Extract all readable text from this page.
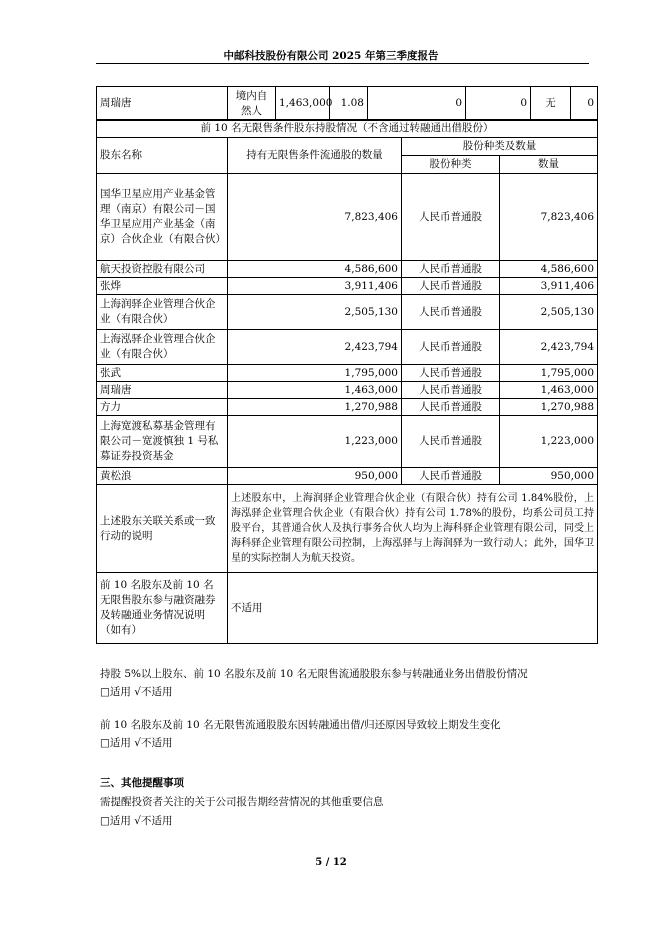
中邮科技股份有限公司 2025 年第三季度报告
周瑞唐	境内自然人	1,463,000	1.08	0	0	无	0
前 10 名无限售条件股东持股情况（不含通过转融通出借股份）			
股东名称	持有无限售条件流通股的数量	股份种类及数量	
		股份种类	数量
国华卫星应用产业基金管理（南京）有限公司－国华卫星应用产业基金（南京）合伙企业（有限合伙）	7,823,406	人民币普通股	7,823,406
航天投资控股有限公司	4,586,600	人民币普通股	4,586,600
张烨	3,911,406	人民币普通股	3,911,406
上海润驿企业管理合伙企业（有限合伙）	2,505,130	人民币普通股	2,505,130
上海泓驿企业管理合伙企业（有限合伙）	2,423,794	人民币普通股	2,423,794
张武	1,795,000	人民币普通股	1,795,000
周瑞唐	1,463,000	人民币普通股	1,463,000
方力	1,270,988	人民币普通股	1,270,988
上海宽渡私募基金管理有限公司－宽渡慎独 1 号私募证券投资基金	1,223,000	人民币普通股	1,223,000
黄松浪	950,000	人民币普通股	950,000
上述股东关联关系或一致行动的说明	上述股东中，上海润驿企业管理合伙企业（有限合伙）持有公司 1.84%股份，上海泓驿企业管理合伙企业（有限合伙）持有公司 1.78%的股份，均系公司员工持股平台，其普通合伙人及执行事务合伙人均为上海科驿企业管理有限公司，同受上海科驿企业管理有限公司控制，上海泓驿与上海润驿为一致行动人；此外，国华卫星的实际控制人为航天投资。		
前 10 名股东及前 10 名无限售股东参与融资融券及转融通业务情况说明（如有）	不适用		
持股 5%以上股东、前 10 名股东及前 10 名无限售流通股股东参与转融通业务出借股份情况
□适用 √不适用
前 10 名股东及前 10 名无限售流通股股东因转融通出借/归还原因导致较上期发生变化
□适用 √不适用
三、其他提醒事项
需提醒投资者关注的关于公司报告期经营情况的其他重要信息
□适用 √不适用
5 / 12
